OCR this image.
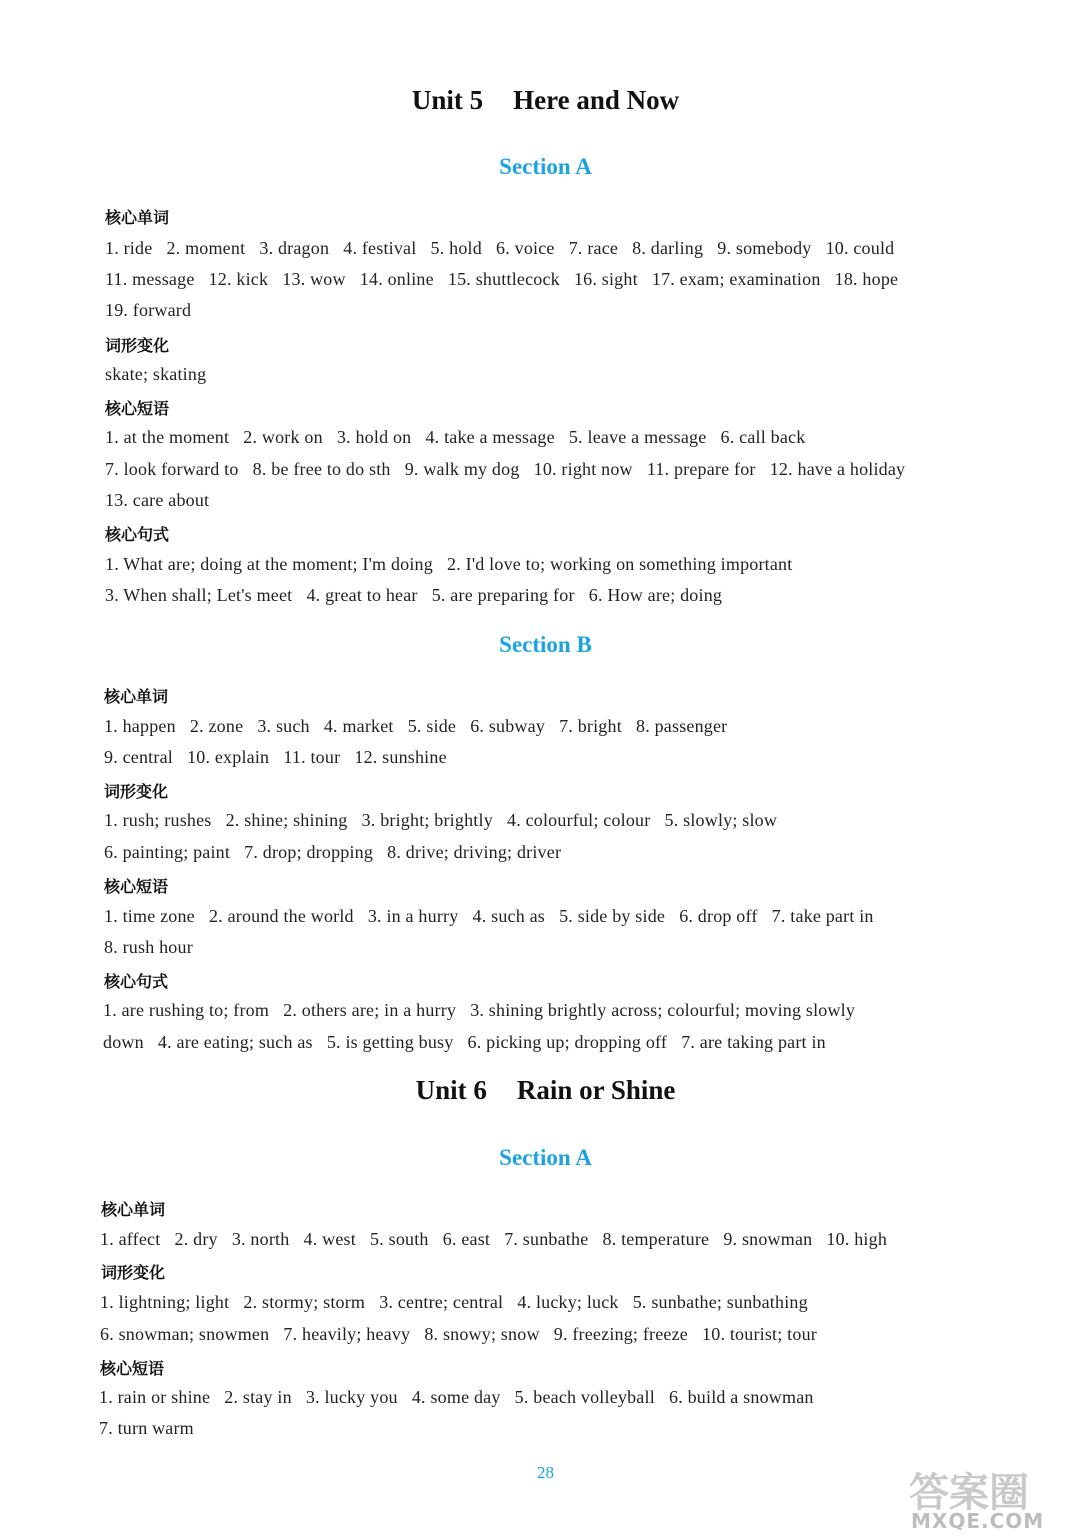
Unit 5 Here and Now
Section A
核心单词
1. ride   2. moment   3. dragon   4. festival   5. hold   6. voice   7. race   8. darling   9. somebody   10. could
11. message   12. kick   13. wow   14. online   15. shuttlecock   16. sight   17. exam; examination   18. hope
19. forward
词形变化
skate; skating
核心短语
1. at the moment   2. work on   3. hold on   4. take a message   5. leave a message   6. call back
7. look forward to   8. be free to do sth   9. walk my dog   10. right now   11. prepare for   12. have a holiday
13. care about
核心句式
1. What are; doing at the moment; I'm doing   2. I'd love to; working on something important
3. When shall; Let's meet   4. great to hear   5. are preparing for   6. How are; doing
Section B
核心单词
1. happen   2. zone   3. such   4. market   5. side   6. subway   7. bright   8. passenger
9. central   10. explain   11. tour   12. sunshine
词形变化
1. rush; rushes   2. shine; shining   3. bright; brightly   4. colourful; colour   5. slowly; slow
6. painting; paint   7. drop; dropping   8. drive; driving; driver
核心短语
1. time zone   2. around the world   3. in a hurry   4. such as   5. side by side   6. drop off   7. take part in
8. rush hour
核心句式
1. are rushing to; from   2. others are; in a hurry   3. shining brightly across; colourful; moving slowly
down   4. are eating; such as   5. is getting busy   6. picking up; dropping off   7. are taking part in
Unit 6 Rain or Shine
Section A
核心单词
1. affect   2. dry   3. north   4. west   5. south   6. east   7. sunbathe   8. temperature   9. snowman   10. high
词形变化
1. lightning; light   2. stormy; storm   3. centre; central   4. lucky; luck   5. sunbathe; sunbathing
6. snowman; snowmen   7. heavily; heavy   8. snowy; snow   9. freezing; freeze   10. tourist; tour
核心短语
1. rain or shine   2. stay in   3. lucky you   4. some day   5. beach volleyball   6. build a snowman
7. turn warm
28	答案圈
MXQE.COM
